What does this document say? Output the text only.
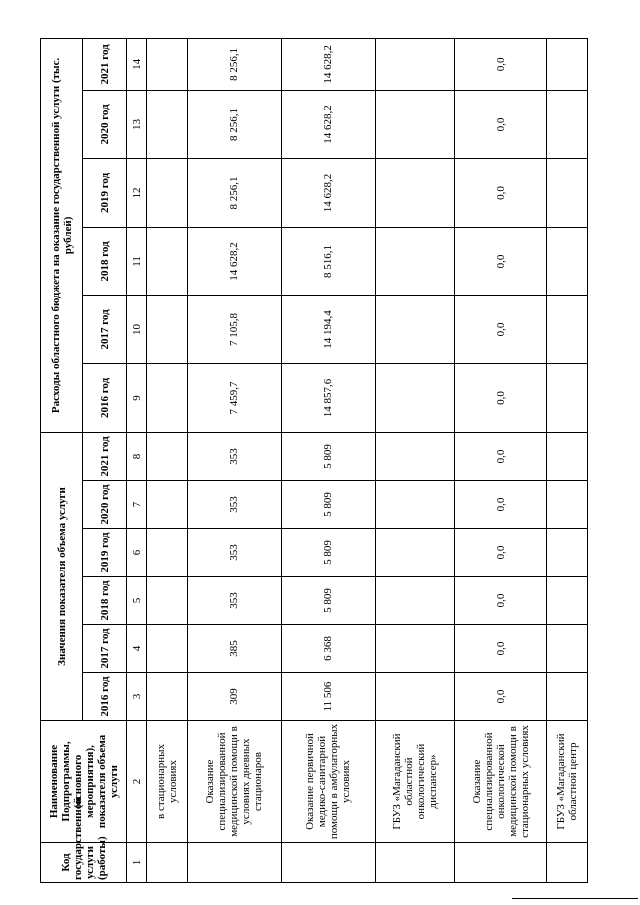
Код государственной услуги (работы)	Наименование Подпрограммы, (основного мероприятия), показателя объема услуги	Значения показателя объема услуги						Расходы областного бюджета на оказание государственной услуги (тыс. рублей)					
		2016 год	2017 год	2018 год	2019 год	2020 год	2021 год	2016 год	2017 год	2018 год	2019 год	2020 год	2021 год
1	2	3	4	5	6	7	8	9	10	11	12	13	14
	в стационарных условиях												
	Оказание специализированной медицинской помощи в условиях дневных стационаров	309	385	353	353	353	353	7 459,7	7 105,8	14 628,2	8 256,1	8 256,1	8 256,1
	Оказание первичной медико-санитарной помощи в амбулаторных условиях	11 506	6 368	5 809	5 809	5 809	5 809	14 857,6	14 194,4	8 516,1	14 628,2	14 628,2	14 628,2
	ГБУЗ «Магаданский областной онкологический диспансер»												
	Оказание специализированной онкологической медицинской помощи в стационарных условиях	0,0	0,0	0,0	0,0	0,0	0,0	0,0	0,0	0,0	0,0	0,0	0,0
	ГБУЗ «Магаданский областной центр												
